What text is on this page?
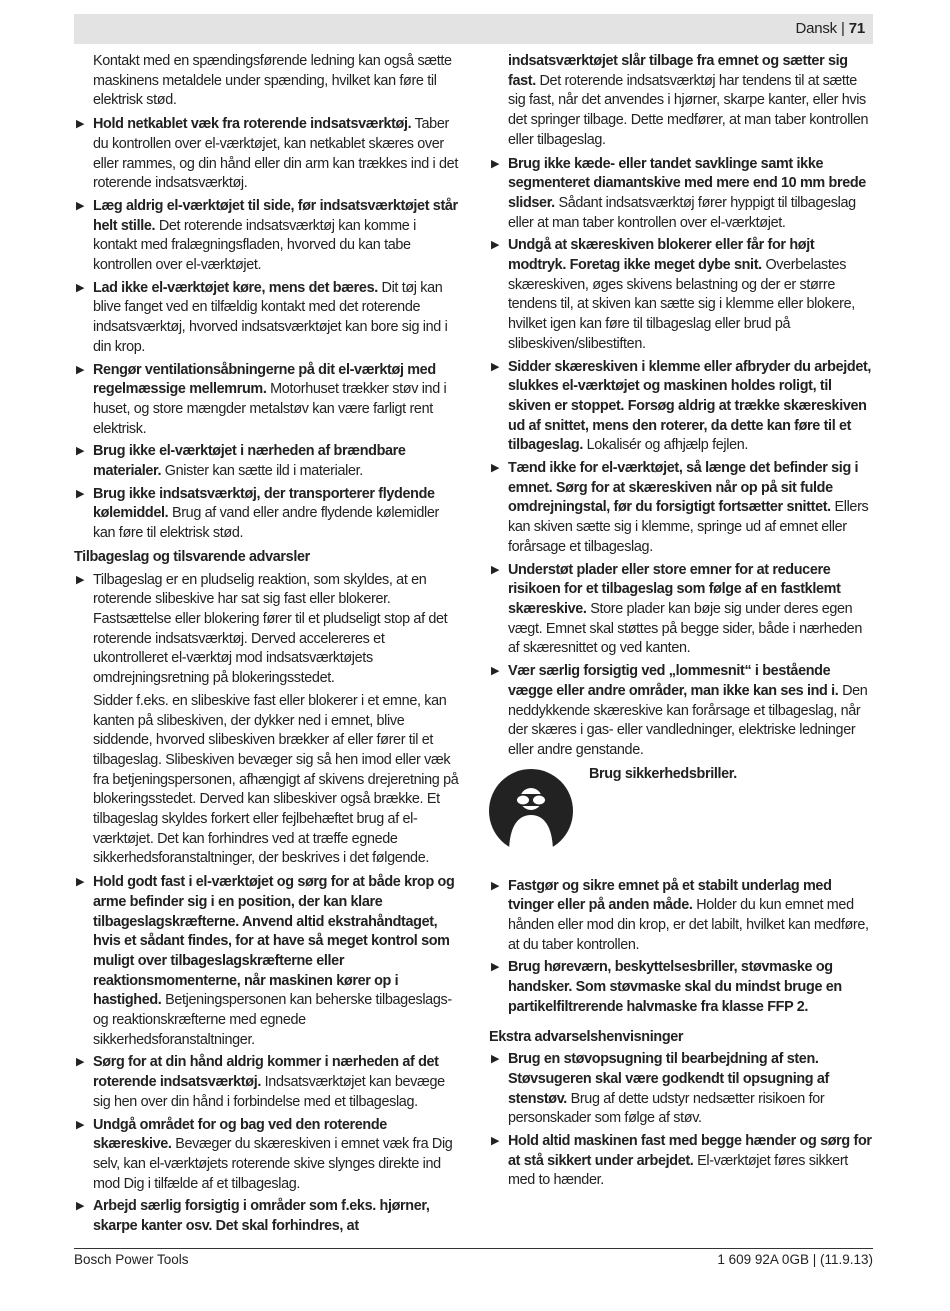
Dansk | 71
Kontakt med en spændingsførende ledning kan også sætte maskinens metaldele under spænding, hvilket kan føre til elektrisk stød.
▶ Hold netkablet væk fra roterende indsatsværktøj. Taber du kontrollen over el-værktøjet, kan netkablet skæres over eller rammes, og din hånd eller din arm kan trækkes ind i det roterende indsatsværktøj.
▶ Læg aldrig el-værktøjet til side, før indsatsværktøjet står helt stille. Det roterende indsatsværktøj kan komme i kontakt med fralægningsfladen, hvorved du kan tabe kontrollen over el-værktøjet.
▶ Lad ikke el-værktøjet køre, mens det bæres. Dit tøj kan blive fanget ved en tilfældig kontakt med det roterende indsatsværktøj, hvorved indsatsværktøjet kan bore sig ind i din krop.
▶ Rengør ventilationsåbningerne på dit el-værktøj med regelmæssige mellemrum. Motorhuset trækker støv ind i huset, og store mængder metalstøv kan være farligt rent elektrisk.
▶ Brug ikke el-værktøjet i nærheden af brændbare materialer. Gnister kan sætte ild i materialer.
▶ Brug ikke indsatsværktøj, der transporterer flydende kølemiddel. Brug af vand eller andre flydende kølemidler kan føre til elektrisk stød.
Tilbageslag og tilsvarende advarsler
▶ Tilbageslag er en pludselig reaktion, som skyldes, at en roterende slibeskive har sat sig fast eller blokerer. Fastsættelse eller blokering fører til et pludseligt stop af det roterende indsatsværktøj. Derved accelereres et ukontrolleret el-værktøj mod indsatsværktøjets omdrejningsretning på blokeringsstedet.
Sidder f.eks. en slibeskive fast eller blokerer i et emne, kan kanten på slibeskiven, der dykker ned i emnet, blive siddende, hvorved slibeskiven brækker af eller fører til et tilbageslag. Slibeskiven bevæger sig så hen imod eller væk fra betjeningspersonen, afhængigt af skivens drejeretning på blokeringsstedet. Derved kan slibeskiver også brække. Et tilbageslag skyldes forkert eller fejlbehæftet brug af el-værktøjet. Det kan forhindres ved at træffe egnede sikkerhedsforanstaltninger, der beskrives i det følgende.
▶ Hold godt fast i el-værktøjet og sørg for at både krop og arme befinder sig i en position, der kan klare tilbageslagskræfterne. Anvend altid ekstrahåndtaget, hvis et sådant findes, for at have så meget kontrol som muligt over tilbageslagskræfterne eller reaktionsmomenterne, når maskinen kører op i hastighed. Betjeningspersonen kan beherske tilbageslags- og reaktionskræfterne med egnede sikkerhedsforanstaltninger.
▶ Sørg for at din hånd aldrig kommer i nærheden af det roterende indsatsværktøj. Indsatsværktøjet kan bevæge sig hen over din hånd i forbindelse med et tilbageslag.
▶ Undgå området for og bag ved den roterende skæreskive. Bevæger du skæreskiven i emnet væk fra Dig selv, kan el-værktøjets roterende skive slynges direkte ind mod Dig i tilfælde af et tilbageslag.
▶ Arbejd særlig forsigtig i områder som f.eks. hjørner, skarpe kanter osv. Det skal forhindres, at
indsatsværktøjet slår tilbage fra emnet og sætter sig fast. Det roterende indsatsværktøj har tendens til at sætte sig fast, når det anvendes i hjørner, skarpe kanter, eller hvis det springer tilbage. Dette medfører, at man taber kontrollen eller tilbageslag.
▶ Brug ikke kæde- eller tandet savklinge samt ikke segmenteret diamantskive med mere end 10 mm brede slidser. Sådant indsatsværktøj fører hyppigt til tilbageslag eller at man taber kontrollen over el-værktøjet.
▶ Undgå at skæreskiven blokerer eller får for højt modtryk. Foretag ikke meget dybe snit. Overbelastes skæreskiven, øges skivens belastning og der er større tendens til, at skiven kan sætte sig i klemme eller blokere, hvilket igen kan føre til tilbageslag eller brud på slibeskiven/slibestiften.
▶ Sidder skæreskiven i klemme eller afbryder du arbejdet, slukkes el-værktøjet og maskinen holdes roligt, til skiven er stoppet. Forsøg aldrig at trække skæreskiven ud af snittet, mens den roterer, da dette kan føre til et tilbageslag. Lokalisér og afhjælp fejlen.
▶ Tænd ikke for el-værktøjet, så længe det befinder sig i emnet. Sørg for at skæreskiven når op på sit fulde omdrejningstal, før du forsigtigt fortsætter snittet. Ellers kan skiven sætte sig i klemme, springe ud af emnet eller forårsage et tilbageslag.
▶ Understøt plader eller store emner for at reducere risikoen for et tilbageslag som følge af en fastklemt skæreskive. Store plader kan bøje sig under deres egen vægt. Emnet skal støttes på begge sider, både i nærheden af skæresnittet og ved kanten.
▶ Vær særlig forsigtig ved „lommesnit“ i bestående vægge eller andre områder, man ikke kan ses ind i. Den neddykkende skæreskive kan forårsage et tilbageslag, når der skæres i gas- eller vandledninger, elektriske ledninger eller andre genstande.
Brug sikkerhedsbriller.
▶ Fastgør og sikre emnet på et stabilt underlag med tvinger eller på anden måde. Holder du kun emnet med hånden eller mod din krop, er det labilt, hvilket kan medføre, at du taber kontrollen.
▶ Brug høreværn, beskyttelsesbriller, støvmaske og handsker. Som støvmaske skal du mindst bruge en partikelfiltrerende halvmaske fra klasse FFP 2.
Ekstra advarselshenvisninger
▶ Brug en støvopsugning til bearbejdning af sten. Støvsugeren skal være godkendt til opsugning af stenstøv. Brug af dette udstyr nedsætter risikoen for personskader som følge af støv.
▶ Hold altid maskinen fast med begge hænder og sørg for at stå sikkert under arbejdet. El-værktøjet føres sikkert med to hænder.
Bosch Power Tools	1 609 92A 0GB | (11.9.13)
